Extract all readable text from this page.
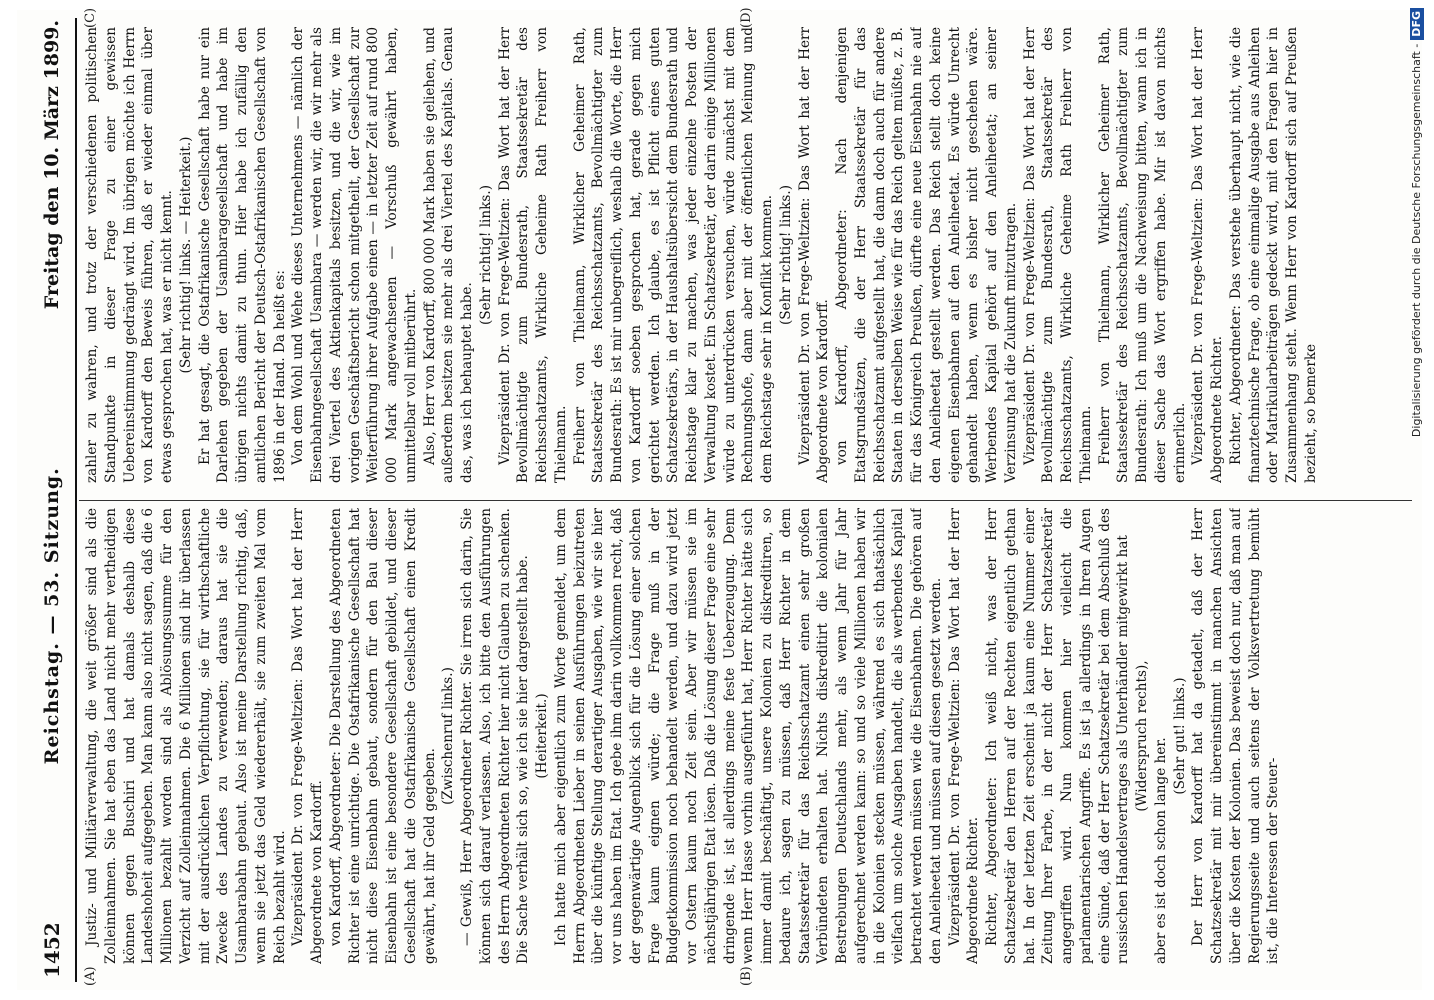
1452
Reichstag. — 53. Sitzung.
Freitag den 10. März 1899.
(A)	(B)
(C)	(D)

Justiz- und Militärverwaltung, die weit größer sind als die Zolleinnahmen. Sie hat eben das Land nicht mehr vertheidigen können gegen Buschiri und hat damals deshalb diese Landeshoheit aufgegeben. Man kann also nicht sagen, daß die 6 Millionen bezahlt worden sind als Ablösungssumme für den Verzicht auf Zolleinnahmen. Die 6 Millionen sind ihr überlassen mit der ausdrücklichen Verpflichtung, sie für wirthschaftliche Zwecke des Landes zu verwenden; daraus hat sie die Usambarabahn gebaut. Also ist meine Darstellung richtig, daß, wenn sie jetzt das Geld wiedererhält, sie zum zweiten Mal vom Reich bezahlt wird. Vizepräsident Dr. von Frege-Weltzien: Das Wort hat der Herr Abgeordnete von Kardorff. von Kardorff, Abgeordneter: Die Darstellung des Abgeordneten Richter ist eine unrichtige. Die Ostafrikanische Gesellschaft hat nicht diese Eisenbahn gebaut, sondern für den Bau dieser Eisenbahn ist eine besondere Gesellschaft gebildet, und dieser Gesellschaft hat die Ostafrikanische Gesellschaft einen Kredit gewährt, hat ihr Geld gegeben.

(Zwischenruf links.) — Gewiß, Herr Abgeordneter Richter. Sie irren sich darin, Sie können sich darauf verlassen. Also, ich bitte den Ausführungen des Herrn Abgeordneten Richter hier nicht Glauben zu schenken. Die Sache verhält sich so, wie ich sie hier dargestellt habe. (Heiterkeit.) Ich hatte mich aber eigentlich zum Worte gemeldet, um dem Herrn Abgeordneten Lieber in seinen Ausführungen beizutreten über die künftige Stellung derartiger Ausgaben, wie wir sie hier vor uns haben im Etat. Ich gebe ihm darin vollkommen recht, daß der gegenwärtige Augenblick sich für die Lösung einer solchen Frage kaum eignen würde; die Frage muß in der Budgetkommission noch behandelt werden, und dazu wird jetzt vor Ostern kaum noch Zeit sein. Aber wir müssen sie im nächstjährigen Etat lösen. Daß die Lösung dieser Frage eine sehr dringende ist, ist allerdings meine feste Ueberzeugung. Denn wenn Herr Hasse vorhin ausgeführt hat, Herr Richter hätte sich immer damit beschäftigt, unsere Kolonien zu diskreditiren, so bedaure ich, sagen zu müssen, daß Herr Richter in dem Staatssekretär für das Reichsschatzamt einen sehr großen Verbündeten erhalten hat. Nichts diskreditirt die kolonialen Bestrebungen Deutschlands mehr, als wenn Jahr für Jahr aufgerechnet werden kann: so und so viele Millionen haben wir in die Kolonien stecken müssen, während es sich thatsächlich vielfach um solche Ausgaben handelt, die als werbendes Kapital betrachtet werden müssen wie die Eisenbahnen. Die gehören auf den Anleiheetat und müssen auf diesen gesetzt werden. Vizepräsident Dr. von Frege-Weltzien: Das Wort hat der Herr Abgeordnete Richter. Richter, Abgeordneter: Ich weiß nicht, was der Herr Schatzsekretär den Herren auf der Rechten eigentlich gethan hat. In der letzten Zeit erscheint ja kaum eine Nummer einer Zeitung Ihrer Farbe, in der nicht der Herr Schatzsekretär angegriffen wird. Nun kommen hier vielleicht die parlamentarischen Angriffe. Es ist ja allerdings in Ihren Augen eine Sünde, daß der Herr Schatzsekretär bei dem Abschluß des russischen Handelsvertrages als Unterhändler mitgewirkt hat (Widerspruch rechts),

aber es ist doch schon lange her.

(Sehr gut! links.) Der Herr von Kardorff hat da getadelt, daß der Herr Schatzsekretär mit mir übereinstimmt in manchen Ansichten über die Kosten der Kolonien. Das beweist doch nur, daß man auf Regierungsseite und auch seitens der Volksvertretung bemüht ist, die Interessen der Steuer-

zahler zu wahren, und trotz der verschiedenen politischen Standpunkte in dieser Frage zu einer gewissen Uebereinstimmung gedrängt wird. Im übrigen möchte ich Herrn von Kardorff den Beweis führen, daß er wieder einmal über etwas gesprochen hat, was er nicht kennt. (Sehr richtig! links. — Heiterkeit.) Er hat gesagt, die Ostafrikanische Gesellschaft habe nur ein Darlehen gegeben der Usambaragesellschaft und habe im übrigen nichts damit zu thun. Hier habe ich zufällig den amtlichen Bericht der Deutsch-Ostafrikanischen Gesellschaft von 1896 in der Hand. Da heißt es: Von dem Wohl und Wehe dieses Unternehmens — nämlich der Eisenbahngesellschaft Usambara — werden wir, die wir mehr als drei Viertel des Aktienkapitals besitzen, und die wir, wie im vorigen Geschäftsbericht schon mitgetheilt, der Gesellschaft zur Weiterführung ihrer Aufgabe einen — in letzter Zeit auf rund 800 000 Mark angewachsenen — Vorschuß gewährt haben, unmittelbar voll mitberührt. Also, Herr von Kardorff, 800 000 Mark haben sie geliehen, und außerdem besitzen sie mehr als drei Viertel des Kapitals. Genau das, was ich behauptet habe.

(Sehr richtig! links.) Vizepräsident Dr. von Frege-Weltzien: Das Wort hat der Herr Bevollmächtigte zum Bundesrath, Staatssekretär des Reichsschatzamts, Wirkliche Geheime Rath Freiherr von Thielmann. Freiherr von Thielmann, Wirklicher Geheimer Rath, Staatssekretär des Reichsschatzamts, Bevollmächtigter zum Bundesrath: Es ist mir unbegreiflich, weshalb die Worte, die Herr von Kardorff soeben gesprochen hat, gerade gegen mich gerichtet werden. Ich glaube, es ist Pflicht eines guten Schatzsekretärs, in der Haushaltsübersicht dem Bundesrath und Reichstage klar zu machen, was jeder einzelne Posten der Verwaltung kostet. Ein Schatzsekretär, der darin einige Millionen würde zu unterdrücken versuchen, würde zunächst mit dem Rechnungshofe, dann aber mit der öffentlichen Meinung und dem Reichstage sehr in Konflikt kommen. (Sehr richtig! links.) Vizepräsident Dr. von Frege-Weltzien: Das Wort hat der Herr Abgeordnete von Kardorff. von Kardorff, Abgeordneter: Nach denjenigen Etatsgrundsätzen, die der Herr Staatssekretär für das Reichsschatzamt aufgestellt hat, die dann doch auch für andere Staaten in derselben Weise wie für das Reich gelten müßte, z. B. für das Königreich Preußen, dürfte eine neue Eisenbahn nie auf den Anleiheetat gestellt werden. Das Reich stellt doch keine eigenen Eisenbahnen auf den Anleiheetat. Es würde Unrecht gehandelt haben, wenn es bisher nicht geschehen wäre. Werbendes Kapital gehört auf den Anleiheetat; an seiner Verzinsung hat die Zukunft mitzutragen. Vizepräsident Dr. von Frege-Weltzien: Das Wort hat der Herr Bevollmächtigte zum Bundesrath, Staatssekretär des Reichsschatzamts, Wirkliche Geheime Rath Freiherr von Thielmann. Freiherr von Thielmann, Wirklicher Geheimer Rath, Staatssekretär des Reichsschatzamts, Bevollmächtigter zum Bundesrath: Ich muß um die Nachweisung bitten, wann ich in dieser Sache das Wort ergriffen habe. Mir ist davon nichts erinnerlich. Vizepräsident Dr. von Frege-Weltzien: Das Wort hat der Herr Abgeordnete Richter. Richter, Abgeordneter: Das verstehe überhaupt nicht, wie die finanztechnische Frage, ob eine einmalige Ausgabe aus Anleihen oder Matrikularbeiträgen gedeckt wird, mit den Fragen hier in Zusammenhang steht. Wenn Herr von Kardorff sich auf Preußen bezieht, so bemerke	Digitalisierung gefördert durch die Deutsche Forschungsgemeinschaft -
DFG
